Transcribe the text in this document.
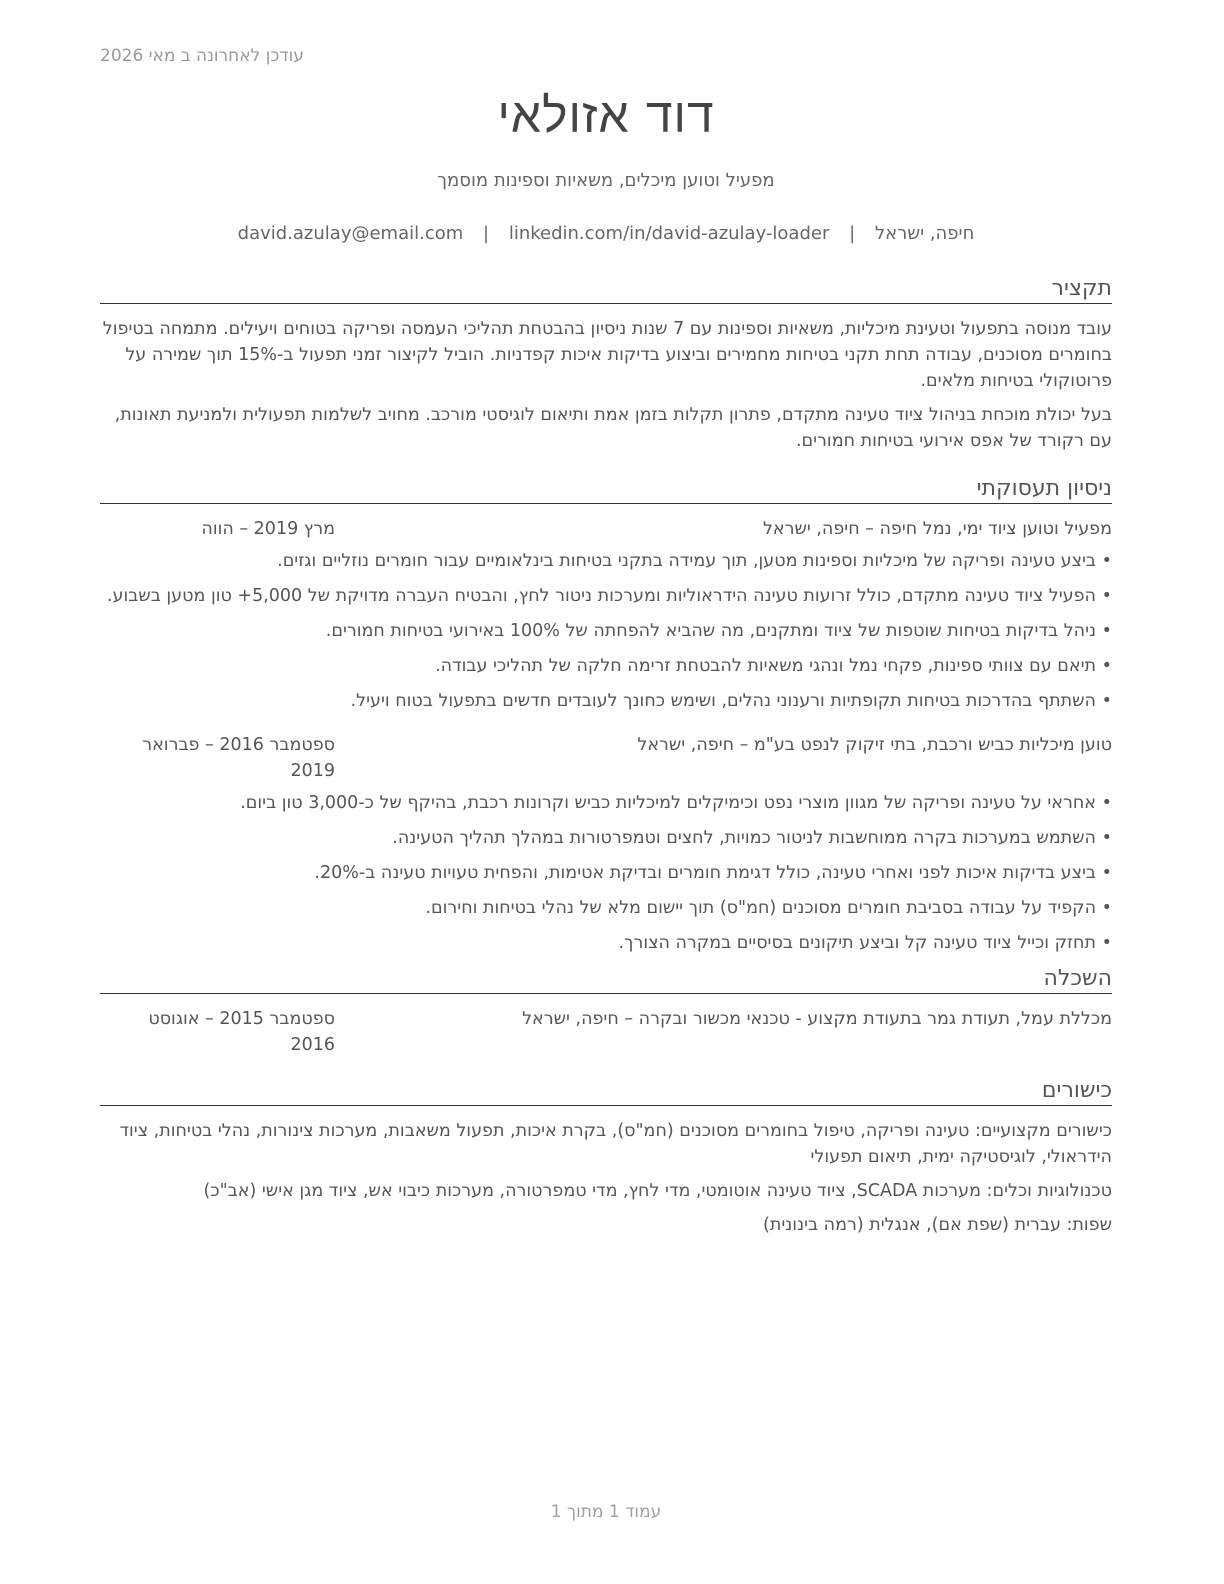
עודכן לאחרונה ב מאי 2026
דוד אזולאי
מפעיל וטוען מיכלים, משאיות וספינות מוסמך
חיפה, ישראל | david.azulay@email.com | linkedin.com/in/david-azulay-loader
תקציר

עובד מנוסה בתפעול וטעינת מיכליות, משאיות וספינות עם 7 שנות ניסיון בהבטחת תהליכי העמסה ופריקה בטוחים ויעילים. מתמחה בטיפול בחומרים מסוכנים, עבודה תחת תקני בטיחות מחמירים וביצוע בדיקות איכות קפדניות. הוביל לקיצור זמני תפעול ב-15% תוך שמירה על פרוטוקולי בטיחות מלאים.

בעל יכולת מוכחת בניהול ציוד טעינה מתקדם, פתרון תקלות בזמן אמת ותיאום לוגיסטי מורכב. מחויב לשלמות תפעולית ולמניעת תאונות, עם רקורד של אפס אירועי בטיחות חמורים.

ניסיון תעסוקתי
מפעיל וטוען ציוד ימי, נמל חיפה – חיפה, ישראל
מרץ 2019 – הווה
• ביצע טעינה ופריקה של מיכליות וספינות מטען, תוך עמידה בתקני בטיחות בינלאומיים עבור חומרים נוזליים וגזים.
• הפעיל ציוד טעינה מתקדם, כולל זרועות טעינה הידראוליות ומערכות ניטור לחץ, והבטיח העברה מדויקת של 5,000+ טון מטען בשבוע.
• ניהל בדיקות בטיחות שוטפות של ציוד ומתקנים, מה שהביא להפחתה של 100% באירועי בטיחות חמורים.
• תיאם עם צוותי ספינות, פקחי נמל ונהגי משאיות להבטחת זרימה חלקה של תהליכי עבודה.
• השתתף בהדרכות בטיחות תקופתיות ורענוני נהלים, ושימש כחונך לעובדים חדשים בתפעול בטוח ויעיל.
טוען מיכליות כביש ורכבת, בתי זיקוק לנפט בע"מ – חיפה, ישראל
ספטמבר 2016 – פברואר 2019
• אחראי על טעינה ופריקה של מגוון מוצרי נפט וכימיקלים למיכליות כביש וקרונות רכבת, בהיקף של כ-3,000 טון ביום.
• השתמש במערכות בקרה ממוחשבות לניטור כמויות, לחצים וטמפרטורות במהלך תהליך הטעינה.
• ביצע בדיקות איכות לפני ואחרי טעינה, כולל דגימת חומרים ובדיקת אטימות, והפחית טעויות טעינה ב-20%.
• הקפיד על עבודה בסביבת חומרים מסוכנים (חמ"ס) תוך יישום מלא של נהלי בטיחות וחירום.
• תחזק וכייל ציוד טעינה קל וביצע תיקונים בסיסיים במקרה הצורך.
השכלה
מכללת עמל, תעודת גמר בתעודת מקצוע - טכנאי מכשור ובקרה – חיפה, ישראל
ספטמבר 2015 – אוגוסט 2016
כישורים

כישורים מקצועיים: טעינה ופריקה, טיפול בחומרים מסוכנים (חמ"ס), בקרת איכות, תפעול משאבות, מערכות צינורות, נהלי בטיחות, ציוד הידראולי, לוגיסטיקה ימית, תיאום תפעולי

טכנולוגיות וכלים: מערכות SCADA, ציוד טעינה אוטומטי, מדי לחץ, מדי טמפרטורה, מערכות כיבוי אש, ציוד מגן אישי (אב"כ)

שפות: עברית (שפת אם), אנגלית (רמה בינונית)

עמוד 1 מתוך 1
